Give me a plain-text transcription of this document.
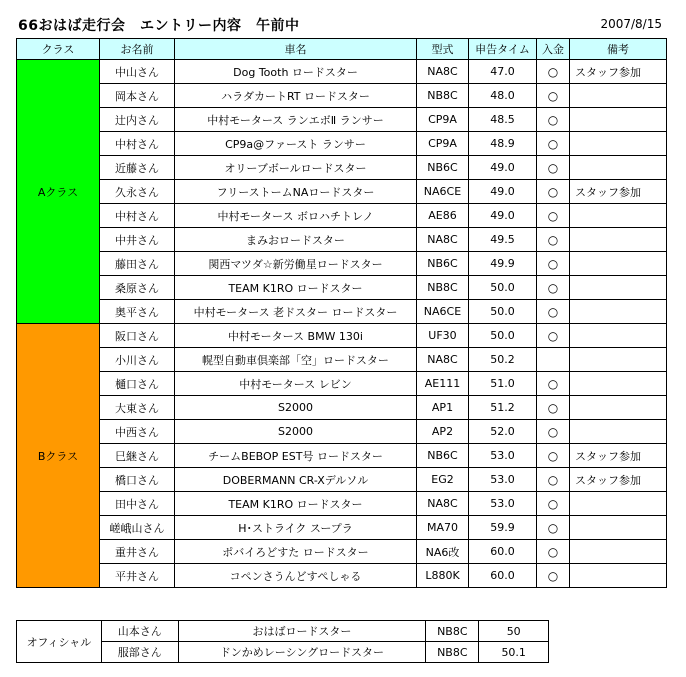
66おはば走行会　エントリー内容　午前中	2007/8/15
クラス	お名前	車名	型式	申告タイム	入金	備考
Aクラス	中山さん	Dog Tooth ロードスター	NA8C	47.0	○	スタッフ参加
	岡本さん	ハラダカートRT ロードスター	NB8C	48.0	○	
	辻内さん	中村モータース ランエボⅡ ランサー	CP9A	48.5	○	
	中村さん	CP9a@ファースト ランサー	CP9A	48.9	○	
	近藤さん	オリーブボールロードスター	NB6C	49.0	○	
	久永さん	フリーストームNAロードスター	NA6CE	49.0	○	スタッフ参加
	中村さん	中村モータース ボロハチトレノ	AE86	49.0	○	
	中井さん	まみおロードスター	NA8C	49.5	○	
	藤田さん	関西マツダ☆新労働星ロードスター	NB6C	49.9	○	
	桑原さん	TEAM K1RO ロードスター	NB8C	50.0	○	
	奥平さん	中村モータース 老ドスター ロードスター	NA6CE	50.0	○	
Bクラス	阪口さん	中村モータース BMW 130i	UF30	50.0	○	
	小川さん	幌型自動車倶楽部「空」ロードスター	NA8C	50.2		
	樋口さん	中村モータース レビン	AE111	51.0	○	
	大東さん	S2000	AP1	51.2	○	
	中西さん	S2000	AP2	52.0	○	
	巳継さん	チームBEBOP EST号 ロードスター	NB6C	53.0	○	スタッフ参加
	橋口さん	DOBERMANN CR-Xデルソル	EG2	53.0	○	スタッフ参加
	田中さん	TEAM K1RO ロードスター	NA8C	53.0	○	
	嵯峨山さん	H･ストライク スープラ	MA70	59.9	○	
	重井さん	ポバイろどすた ロードスター	NA6改	60.0	○	
	平井さん	コペンさうんどすぺしゃる	L880K	60.0	○	
オフィシャル	山本さん	おはばロードスター	NB8C	50
	服部さん	ドンかめレーシングロードスター	NB8C	50.1
